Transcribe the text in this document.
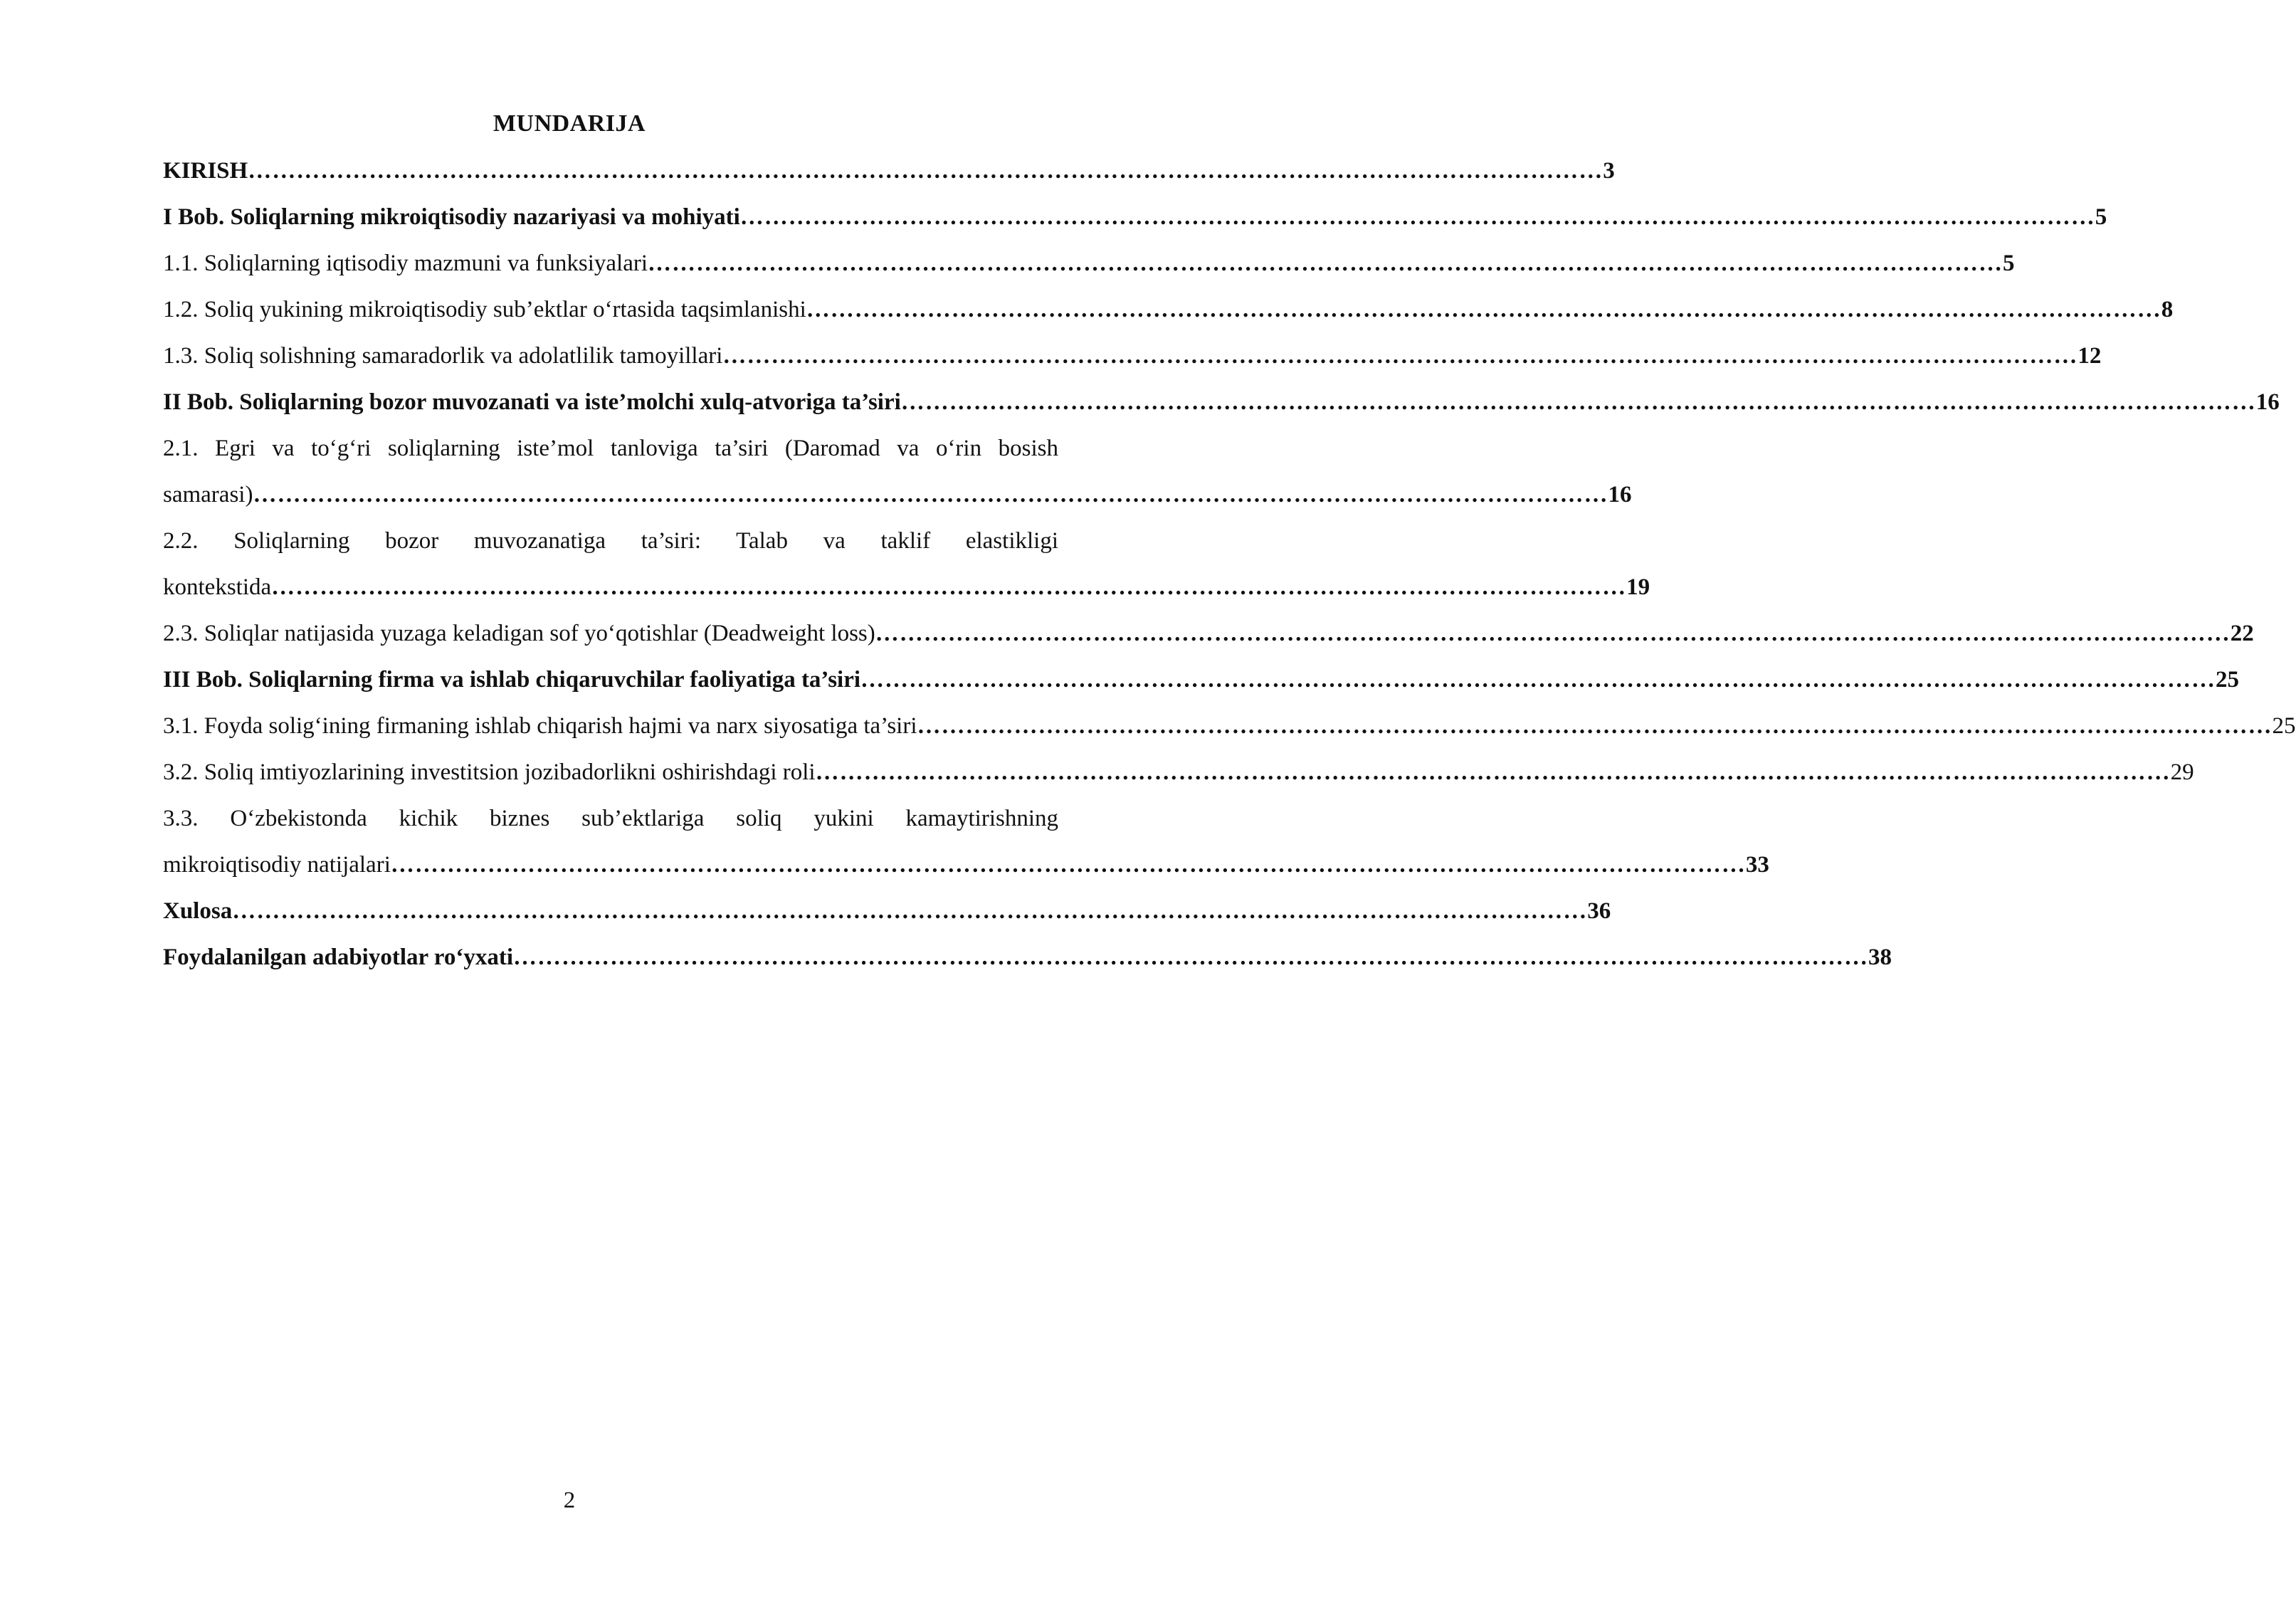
MUNDARIJA
KIRISH …………………………………………………………………………………………………………………………………………………… 3
I Bob. Soliqlarning mikroiqtisodiy nazariyasi va mohiyati …………………………………………………………………………………………………………………………………………………… 5
1.1. Soliqlarning iqtisodiy mazmuni va funksiyalari …………………………………………………………………………………………………………………………………………………… 5
1.2. Soliq yukining mikroiqtisodiy sub’ektlar o‘rtasida taqsimlanishi …………………………………………………………………………………………………………………………………………………… 8
1.3. Soliq solishning samaradorlik va adolatlilik tamoyillari …………………………………………………………………………………………………………………………………………………… 12
II Bob. Soliqlarning bozor muvozanati va iste’molchi xulq-atvoriga ta’siri …………………………………………………………………………………………………………………………………………………… 16
2.1. Egri va to‘g‘ri soliqlarning iste’mol tanloviga ta’siri (Daromad va o‘rin bosish
samarasi) …………………………………………………………………………………………………………………………………………………… 16
2.2. Soliqlarning bozor muvozanatiga ta’siri: Talab va taklif elastikligi
kontekstida …………………………………………………………………………………………………………………………………………………… 19
2.3. Soliqlar natijasida yuzaga keladigan sof yo‘qotishlar (Deadweight loss) …………………………………………………………………………………………………………………………………………………… 22
III Bob. Soliqlarning firma va ishlab chiqaruvchilar faoliyatiga ta’siri …………………………………………………………………………………………………………………………………………………… 25
3.1. Foyda solig‘ining firmaning ishlab chiqarish hajmi va narx siyosatiga ta’siri …………………………………………………………………………………………………………………………………………………… 25
3.2. Soliq imtiyozlarining investitsion jozibadorlikni oshirishdagi roli …………………………………………………………………………………………………………………………………………………… 29
3.3. O‘zbekistonda kichik biznes sub’ektlariga soliq yukini kamaytirishning
mikroiqtisodiy natijalari …………………………………………………………………………………………………………………………………………………… 33
Xulosa …………………………………………………………………………………………………………………………………………………… 36
Foydalanilgan adabiyotlar ro‘yxati …………………………………………………………………………………………………………………………………………………… 38
2
